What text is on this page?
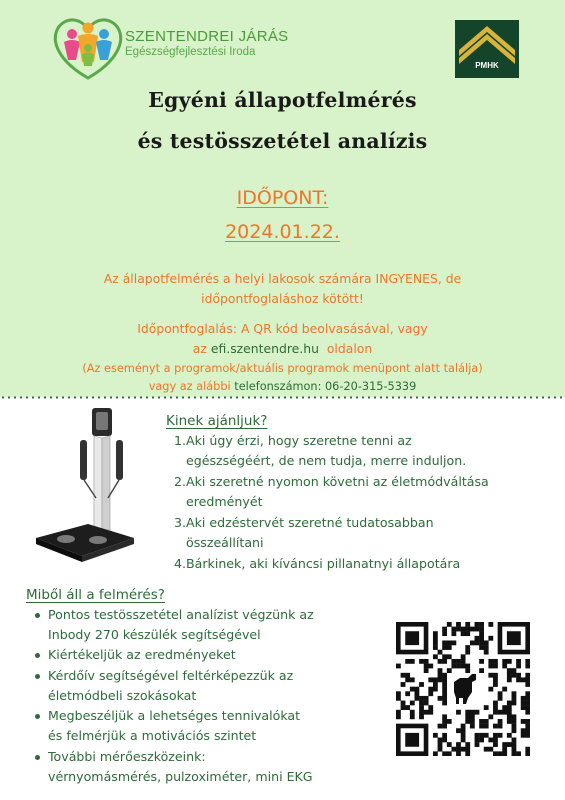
SZENTENDREI JÁRÁS
Egészségfejlesztési Iroda
PMHK
Egyéni állapotfelmérés
és testösszetétel analízis
IDŐPONT:
2024.01.22.
Az állapotfelmérés a helyi lakosok számára INGYENES, de
időpontfoglaláshoz kötött!
Időpontfoglalás: A QR kód beolvasásával, vagy
az efi.szentendre.hu oldalon
(Az eseményt a programok/aktuális programok menüpont alatt találja)
vagy az alábbi telefonszámon: 06-20-315-5339
Kinek ajánljuk?
1. Aki úgy érzi, hogy szeretne tenni az
egészségéért, de nem tudja, merre induljon.
2. Aki szeretné nyomon követni az életmódváltása
eredményét
3. Aki edzéstervét szeretné tudatosabban
összeállítani
4. Bárkinek, aki kíváncsi pillanatnyi állapotára
Miből áll a felmérés?
Pontos testösszetétel analízist végzünk az
Inbody 270 készülék segítségével
Kiértékeljük az eredményeket
Kérdőív segítségével feltérképezzük az
életmódbeli szokásokat
Megbeszéljük a lehetséges tennivalókat
és felmérjük a motivációs szintet
További mérőeszközeink:
vérnyomásmérés, pulzoximéter, mini EKG
